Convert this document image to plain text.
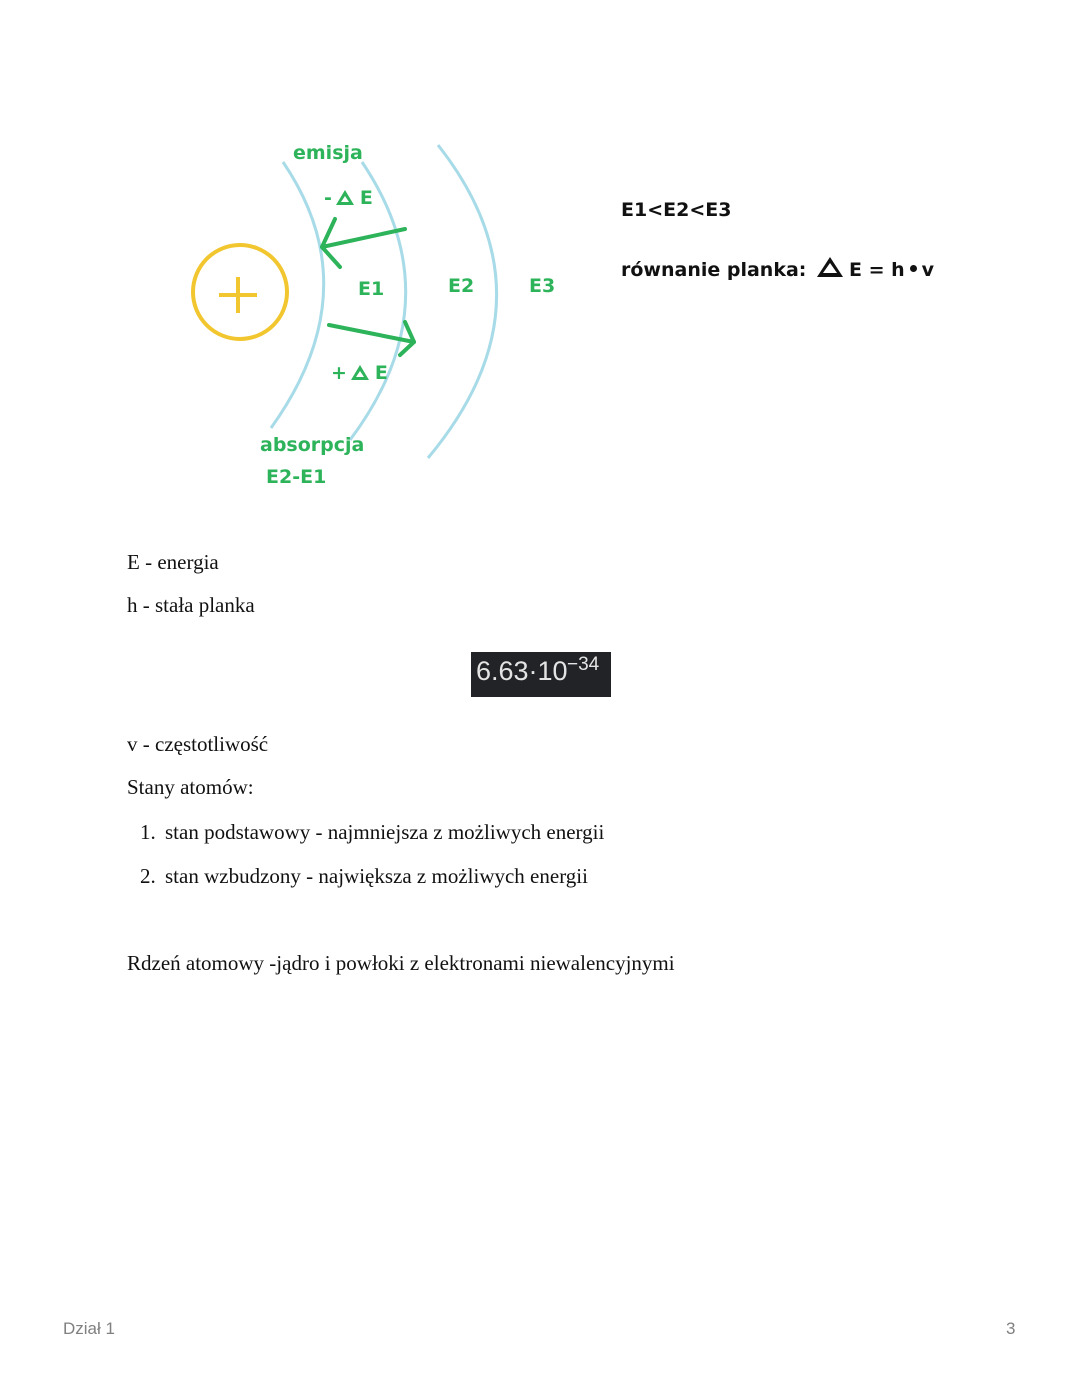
emisja
- E
E1	E2	E3
+ E
absorpcja
E2-E1
E1<E2<E3
równanie planka: E = h v
E - energia
h - stała planka
6.63·10 −34
v - częstotliwość
Stany atomów:
1. stan podstawowy - najmniejsza z możliwych energii
2. stan wzbudzony - największa z możliwych energii
Rdzeń atomowy -jądro i powłoki z elektronami niewalencyjnymi
Dział 1	3
